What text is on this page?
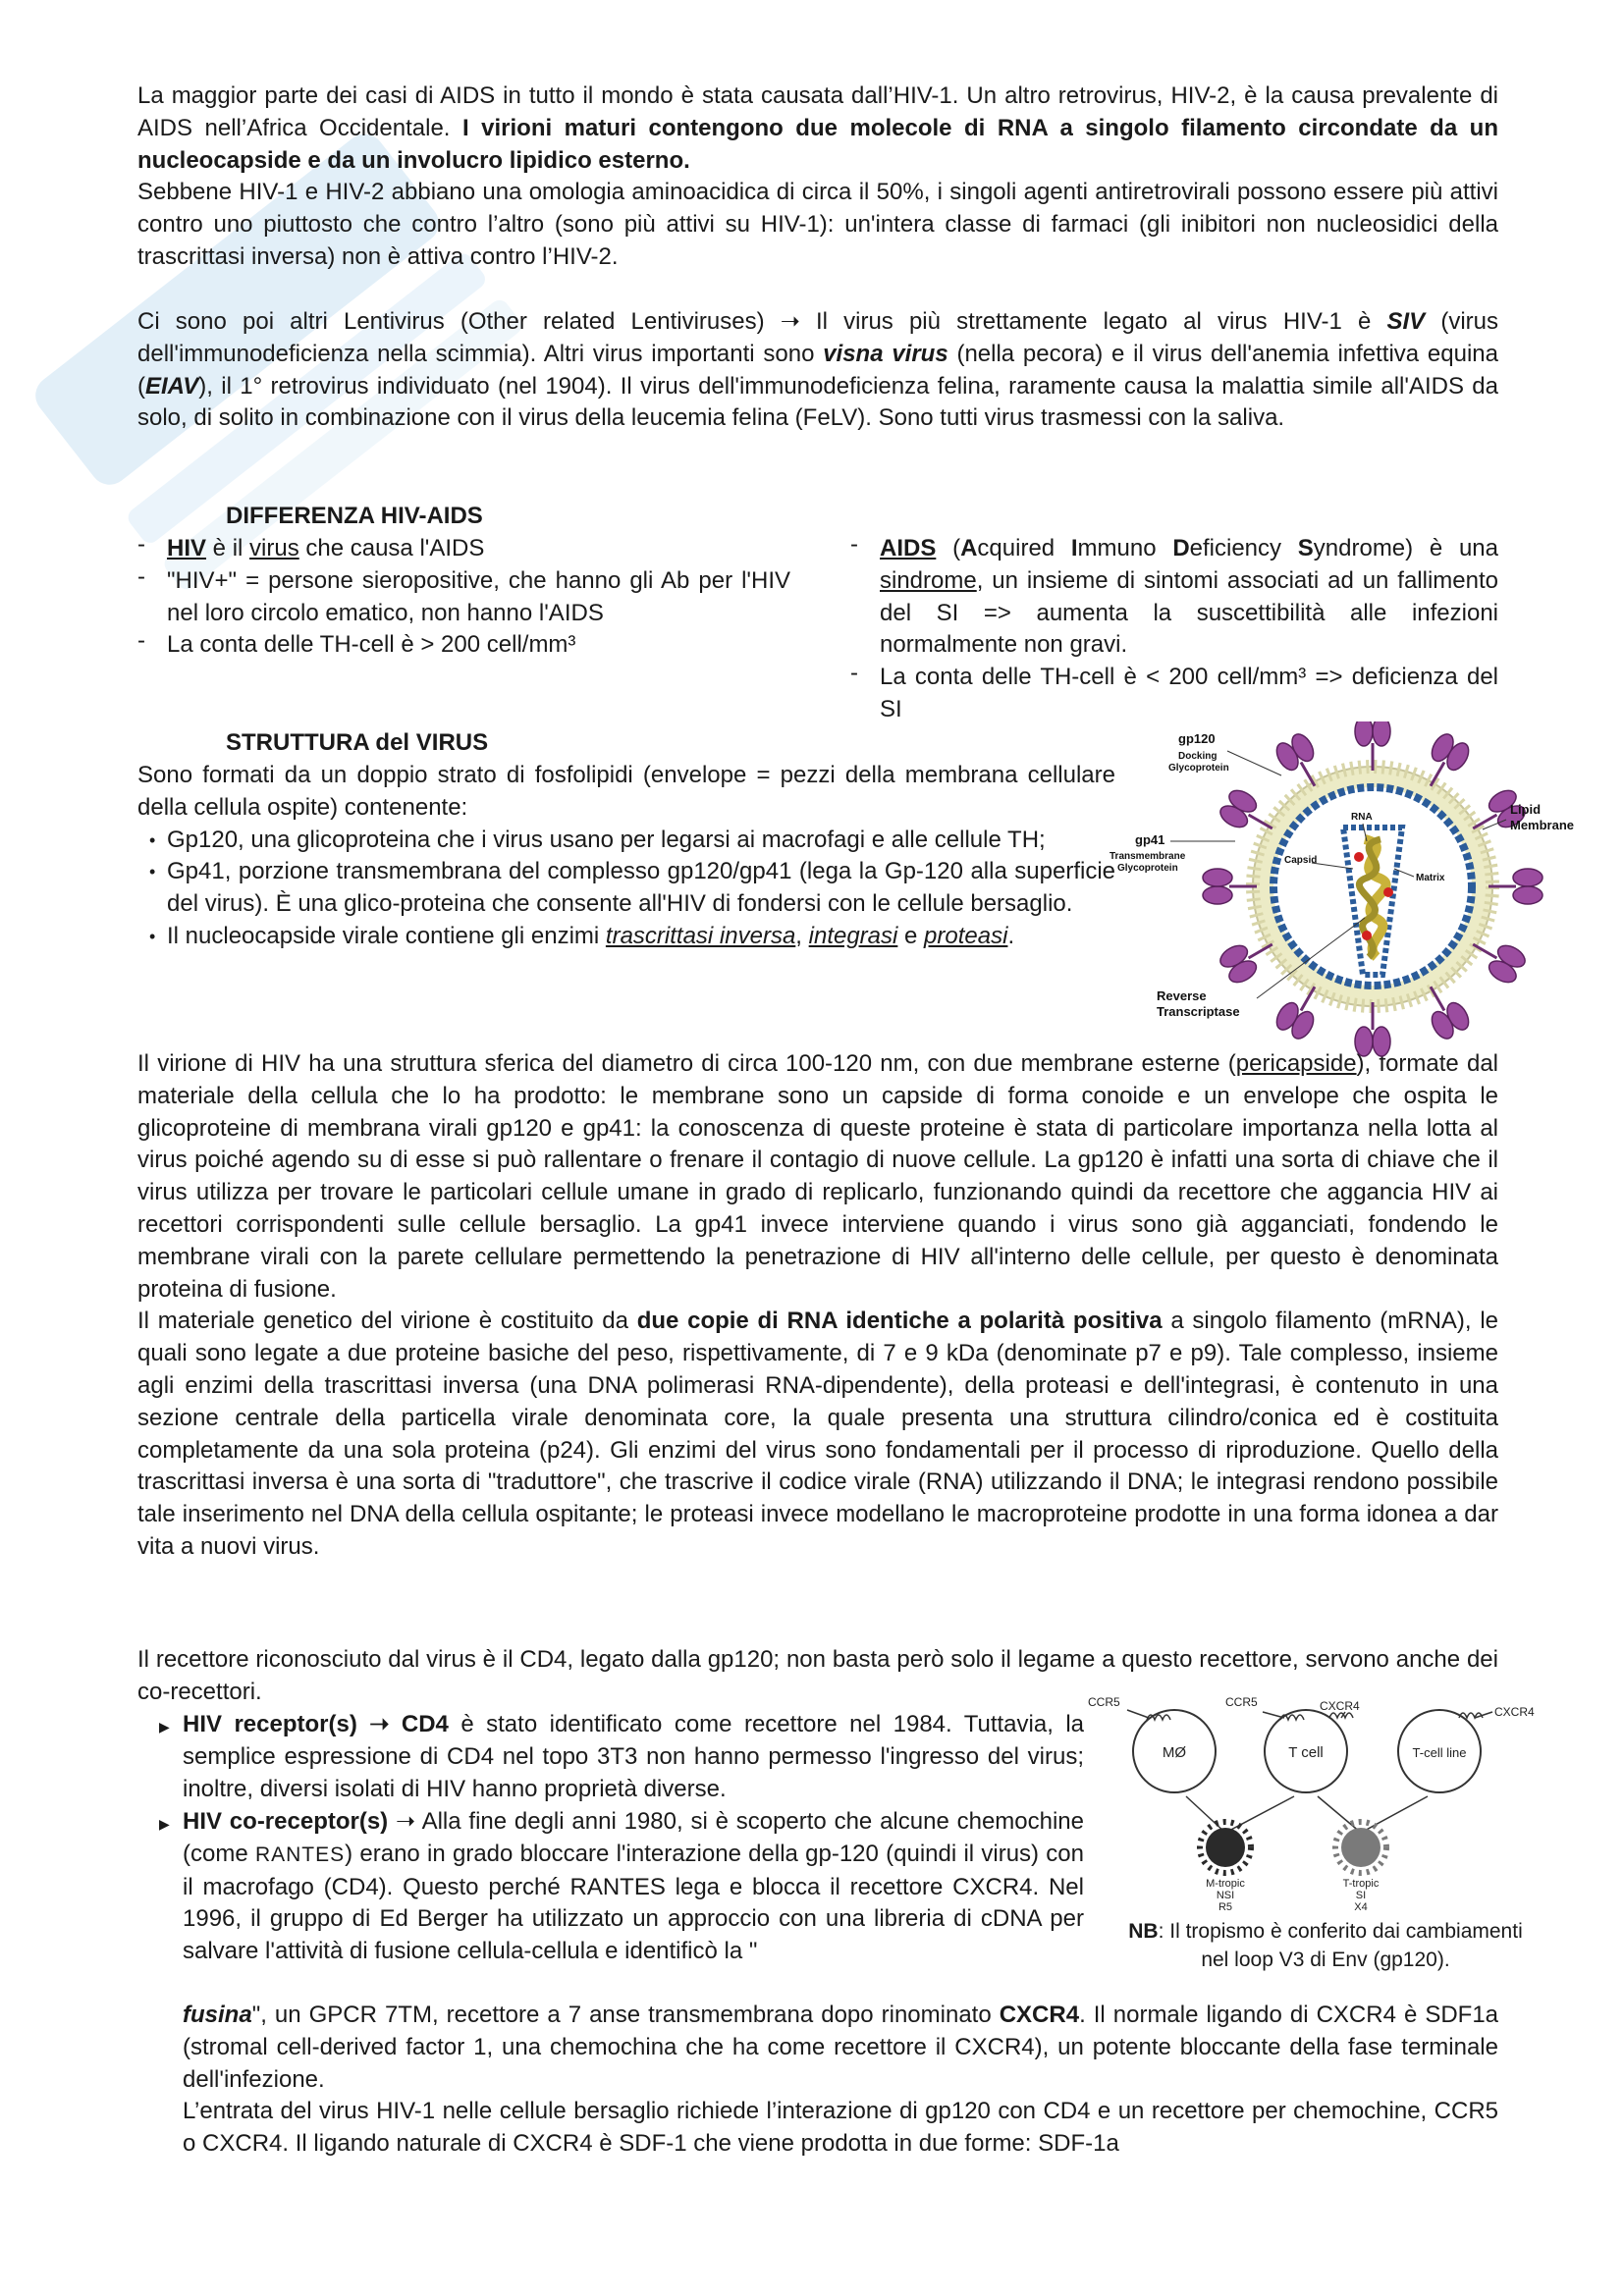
La maggior parte dei casi di AIDS in tutto il mondo è stata causata dall’HIV-1. Un altro retrovirus, HIV-2, è la causa prevalente di AIDS nell’Africa Occidentale. I virioni maturi contengono due molecole di RNA a singolo filamento circondate da un nucleocapside e da un involucro lipidico esterno.

Sebbene HIV-1 e HIV-2 abbiano una omologia aminoacidica di circa il 50%, i singoli agenti antiretrovirali possono essere più attivi contro uno piuttosto che contro l’altro (sono più attivi su HIV-1): un'intera classe di farmaci (gli inibitori non nucleosidici della trascrittasi inversa) non è attiva contro l’HIV-2.

Ci sono poi altri Lentivirus (Other related Lentiviruses) ➝ Il virus più strettamente legato al virus HIV-1 è SIV (virus dell'immunodeficienza nella scimmia). Altri virus importanti sono visna virus (nella pecora) e il virus dell'anemia infettiva equina (EIAV), il 1° retrovirus individuato (nel 1904). Il virus dell'immunodeficienza felina, raramente causa la malattia simile all'AIDS da solo, di solito in combinazione con il virus della leucemia felina (FeLV). Sono tutti virus trasmessi con la saliva.

DIFFERENZA HIV-AIDS
- HIV è il virus che causa l'AIDS
- "HIV+" = persone sieropositive, che hanno gli Ab per l'HIV nel loro circolo ematico, non hanno l'AIDS
- La conta delle TH-cell è > 200 cell/mm³
- AIDS (Acquired Immuno Deficiency Syndrome) è una sindrome, un insieme di sintomi associati ad un fallimento del SI => aumenta la suscettibilità alle infezioni normalmente non gravi.
- La conta delle TH-cell è < 200 cell/mm³ => deficienza del SI
STRUTTURA del VIRUS

Sono formati da un doppio strato di fosfolipidi (envelope = pezzi della membrana cellulare della cellula ospite) contenente:

• Gp120, una glicoproteina che i virus usano per legarsi ai macrofagi e alle cellule TH;
• Gp41, porzione transmembrana del complesso gp120/gp41 (lega la Gp-120 alla superficie del virus). È una glico-proteina che consente all'HIV di fondersi con le cellule bersaglio.
• Il nucleocapside virale contiene gli enzimi trascrittasi inversa, integrasi e proteasi.

Il virione di HIV ha una struttura sferica del diametro di circa 100-120 nm, con due membrane esterne (pericapside), formate dal materiale della cellula che lo ha prodotto: le membrane sono un capside di forma conoide e un envelope che ospita le glicoproteine di membrana virali gp120 e gp41: la conoscenza di queste proteine è stata di particolare importanza nella lotta al virus poiché agendo su di esse si può rallentare o frenare il contagio di nuove cellule. La gp120 è infatti una sorta di chiave che il virus utilizza per trovare le particolari cellule umane in grado di replicarlo, funzionando quindi da recettore che aggancia HIV ai recettori corrispondenti sulle cellule bersaglio. La gp41 invece interviene quando i virus sono già agganciati, fondendo le membrane virali con la parete cellulare permettendo la penetrazione di HIV all'interno delle cellule, per questo è denominata proteina di fusione.

Il materiale genetico del virione è costituito da due copie di RNA identiche a polarità positiva a singolo filamento (mRNA), le quali sono legate a due proteine basiche del peso, rispettivamente, di 7 e 9 kDa (denominate p7 e p9). Tale complesso, insieme agli enzimi della trascrittasi inversa (una DNA polimerasi RNA-dipendente), della proteasi e dell'integrasi, è contenuto in una sezione centrale della particella virale denominata core, la quale presenta una struttura cilindro/conica ed è costituita completamente da una sola proteina (p24). Gli enzimi del virus sono fondamentali per il processo di riproduzione. Quello della trascrittasi inversa è una sorta di "traduttore", che trascrive il codice virale (RNA) utilizzando il DNA; le integrasi rendono possibile tale inserimento nel DNA della cellula ospitante; le proteasi invece modellano le macroproteine prodotte in una forma idonea a dar vita a nuovi virus.

gp120
Docking
Glycoprotein
gp41
Transmembrane
Glycoprotein
RNA
Capsid
Matrix
Lipid
Membrane
Reverse
Transcriptase

Il recettore riconosciuto dal virus è il CD4, legato dalla gp120; non basta però solo il legame a questo recettore, servono anche dei co-recettori.

▶ HIV receptor(s) ➝ CD4 è stato identificato come recettore nel 1984. Tuttavia, la semplice espressione di CD4 nel topo 3T3 non hanno permesso l'ingresso del virus; inoltre, diversi isolati di HIV hanno proprietà diverse.
▶ HIV co-receptor(s) ➝ Alla fine degli anni 1980, si è scoperto che alcune chemochine (come RANTES) erano in grado bloccare l'interazione della gp-120 (quindi il virus) con il macrofago (CD4). Questo perché RANTES lega e blocca il recettore CXCR4. Nel 1996, il gruppo di Ed Berger ha utilizzato un approccio con una libreria di cDNA per salvare l'attività di fusione cellula-cellula e identificò la "

fusina", un GPCR 7TM, recettore a 7 anse transmembrana dopo rinominato CXCR4. Il normale ligando di CXCR4 è SDF1a (stromal cell-derived factor 1, una chemochina che ha come recettore il CXCR4), un potente bloccante della fase terminale dell'infezione.

L’entrata del virus HIV-1 nelle cellule bersaglio richiede l’interazione di gp120 con CD4 e un recettore per chemochine, CCR5 o CXCR4. Il ligando naturale di CXCR4 è SDF-1 che viene prodotta in due forme: SDF-1a

CCR5	CCR5	CXCR4	CXCR4
MØ	T cell	T-cell line
M-tropic
NSI
R5
T-tropic
SI
X4
NB: Il tropismo è conferito dai cambiamenti
nel loop V3 di Env (gp120).
